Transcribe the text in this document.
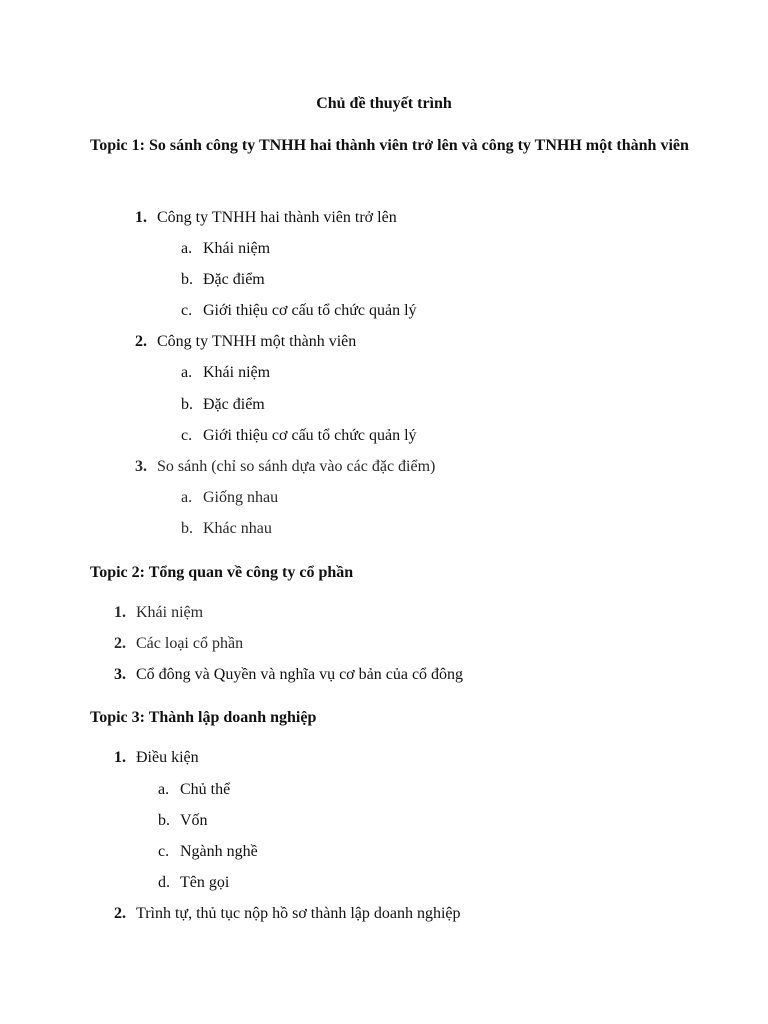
Chủ đề thuyết trình
Topic 1: So sánh công ty TNHH hai thành viên trở lên và công ty TNHH một thành viên
1. Công ty TNHH hai thành viên trở lên
a. Khái niệm
b. Đặc điểm
c. Giới thiệu cơ cấu tổ chức quản lý
2. Công ty TNHH một thành viên
a. Khái niệm
b. Đặc điểm
c. Giới thiệu cơ cấu tổ chức quản lý
3. So sánh (chỉ so sánh dựa vào các đặc điểm)
a. Giống nhau
b. Khác nhau
Topic 2: Tổng quan về công ty cổ phần
1. Khái niệm
2. Các loại cổ phần
3. Cổ đông và Quyền và nghĩa vụ cơ bản của cổ đông
Topic 3: Thành lập doanh nghiệp
1. Điều kiện
a. Chủ thể
b. Vốn
c. Ngành nghề
d. Tên gọi
2. Trình tự, thủ tục nộp hồ sơ thành lập doanh nghiệp
